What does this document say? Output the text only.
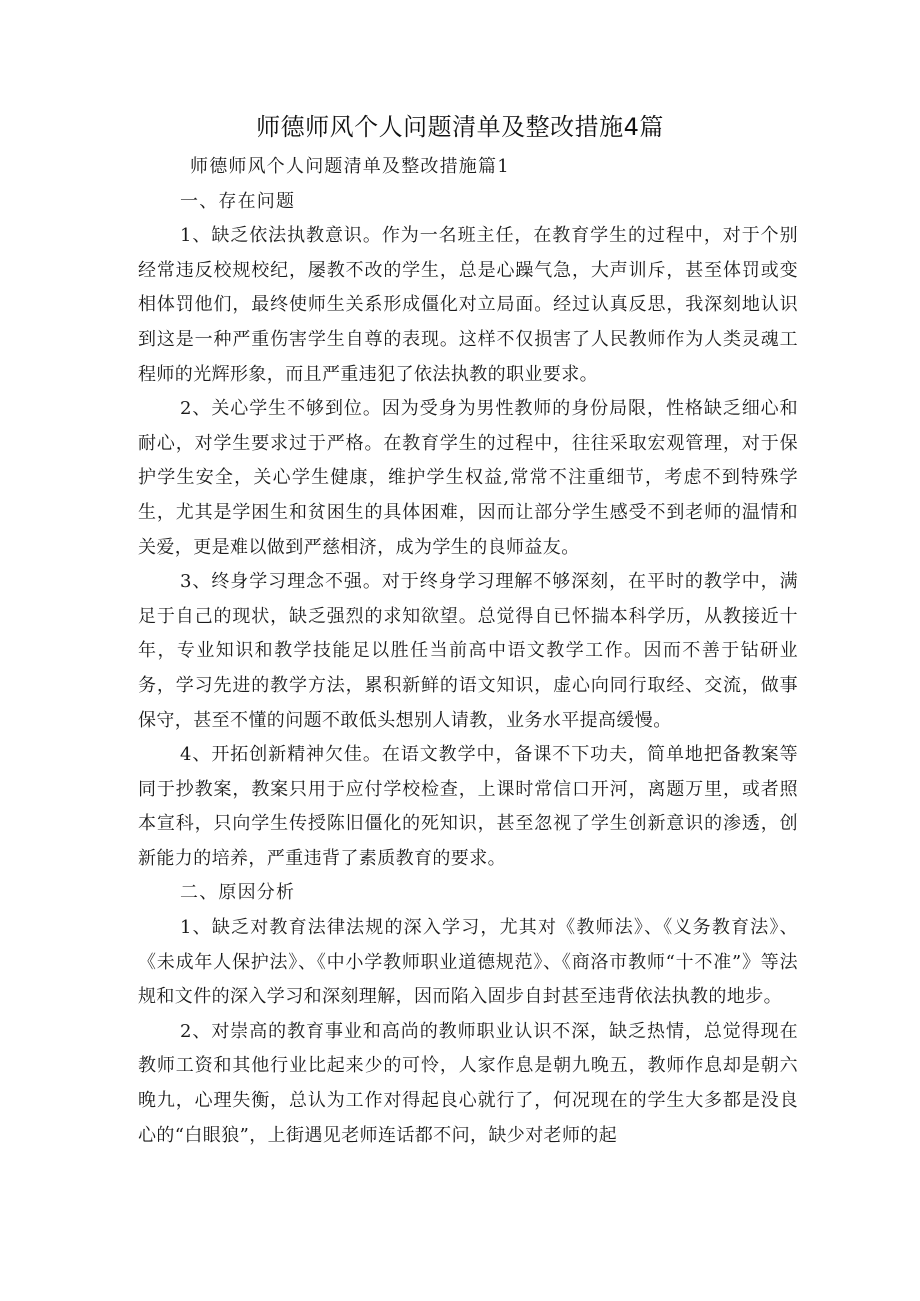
师德师风个人问题清单及整改措施4篇

师德师风个人问题清单及整改措施篇1

一、存在问题

1、缺乏依法执教意识。作为一名班主任，在教育学生的过程中，对于个别经常违反校规校纪，屡教不改的学生，总是心躁气急，大声训斥，甚至体罚或变相体罚他们，最终使师生关系形成僵化对立局面。经过认真反思，我深刻地认识到这是一种严重伤害学生自尊的表现。这样不仅损害了人民教师作为人类灵魂工程师的光辉形象，而且严重违犯了依法执教的职业要求。

2、关心学生不够到位。因为受身为男性教师的身份局限，性格缺乏细心和耐心，对学生要求过于严格。在教育学生的过程中，往往采取宏观管理，对于保护学生安全，关心学生健康，维护学生权益,常常不注重细节，考虑不到特殊学生，尤其是学困生和贫困生的具体困难，因而让部分学生感受不到老师的温情和关爱，更是难以做到严慈相济，成为学生的良师益友。

3、终身学习理念不强。对于终身学习理解不够深刻，在平时的教学中，满足于自己的现状，缺乏强烈的求知欲望。总觉得自已怀揣本科学历，从教接近十年，专业知识和教学技能足以胜任当前高中语文教学工作。因而不善于钻研业务，学习先进的教学方法，累积新鲜的语文知识，虚心向同行取经、交流，做事保守，甚至不懂的问题不敢低头想别人请教，业务水平提高缓慢。

4、开拓创新精神欠佳。在语文教学中，备课不下功夫，简单地把备教案等同于抄教案，教案只用于应付学校检查，上课时常信口开河，离题万里，或者照本宣科，只向学生传授陈旧僵化的死知识，甚至忽视了学生创新意识的渗透，创新能力的培养，严重违背了素质教育的要求。

二、原因分析

1、缺乏对教育法律法规的深入学习，尤其对《教师法》、《义务教育法》、《未成年人保护法》、《中小学教师职业道德规范》、《商洛市教师“十不准”》等法规和文件的深入学习和深刻理解，因而陷入固步自封甚至违背依法执教的地步。

2、对崇高的教育事业和高尚的教师职业认识不深，缺乏热情，总觉得现在教师工资和其他行业比起来少的可怜，人家作息是朝九晚五，教师作息却是朝六晚九，心理失衡，总认为工作对得起良心就行了，何况现在的学生大多都是没良心的“白眼狼”，上街遇见老师连话都不问，缺少对老师的起
